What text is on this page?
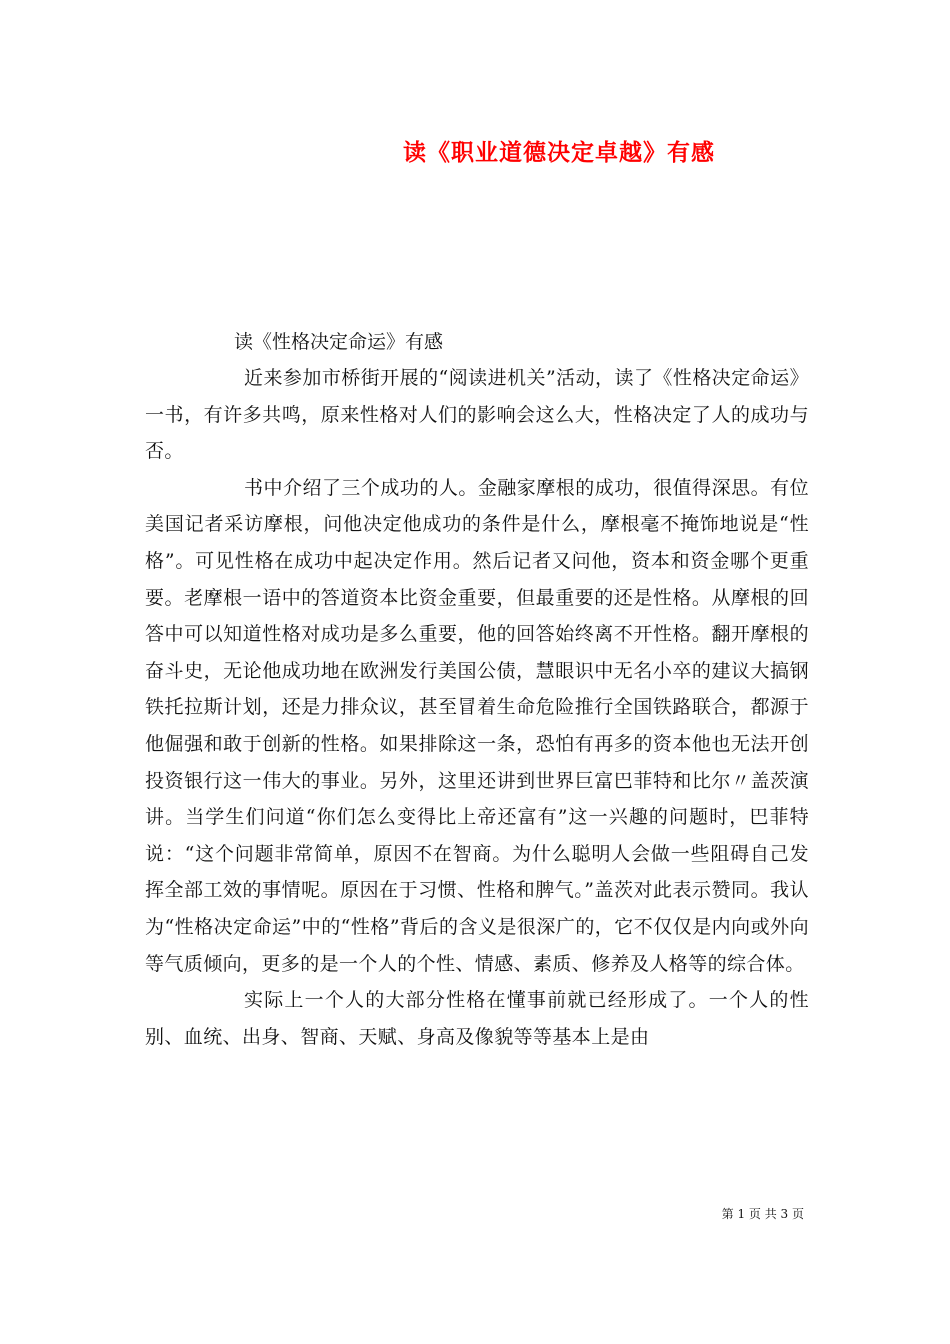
读《职业道德决定卓越》有感
读《性格决定命运》有感

近来参加市桥街开展的“阅读进机关”活动，读了《性格决定命运》一书，有许多共鸣，原来性格对人们的影响会这么大，性格决定了人的成功与否。

书中介绍了三个成功的人。金融家摩根的成功，很值得深思。有位美国记者采访摩根，问他决定他成功的条件是什么，摩根毫不掩饰地说是“性格”。可见性格在成功中起决定作用。然后记者又问他，资本和资金哪个更重要。老摩根一语中的答道资本比资金重要，但最重要的还是性格。从摩根的回答中可以知道性格对成功是多么重要，他的回答始终离不开性格。翻开摩根的奋斗史，无论他成功地在欧洲发行美国公债，慧眼识中无名小卒的建议大搞钢铁托拉斯计划，还是力排众议，甚至冒着生命危险推行全国铁路联合，都源于他倔强和敢于创新的性格。如果排除这一条，恐怕有再多的资本他也无法开创投资银行这一伟大的事业。另外，这里还讲到世界巨富巴菲特和比尔〃盖茨演讲。当学生们问道“你们怎么变得比上帝还富有”这一兴趣的问题时，巴菲特说：“这个问题非常简单，原因不在智商。为什么聪明人会做一些阻碍自己发挥全部工效的事情呢。原因在于习惯、性格和脾气。”盖茨对此表示赞同。我认为“性格决定命运”中的“性格”背后的含义是很深广的，它不仅仅是内向或外向等气质倾向，更多的是一个人的个性、情感、素质、修养及人格等的综合体。

实际上一个人的大部分性格在懂事前就已经形成了。一个人的性别、血统、出身、智商、天赋、身高及像貌等等基本上是由

第 1 页 共 3 页
